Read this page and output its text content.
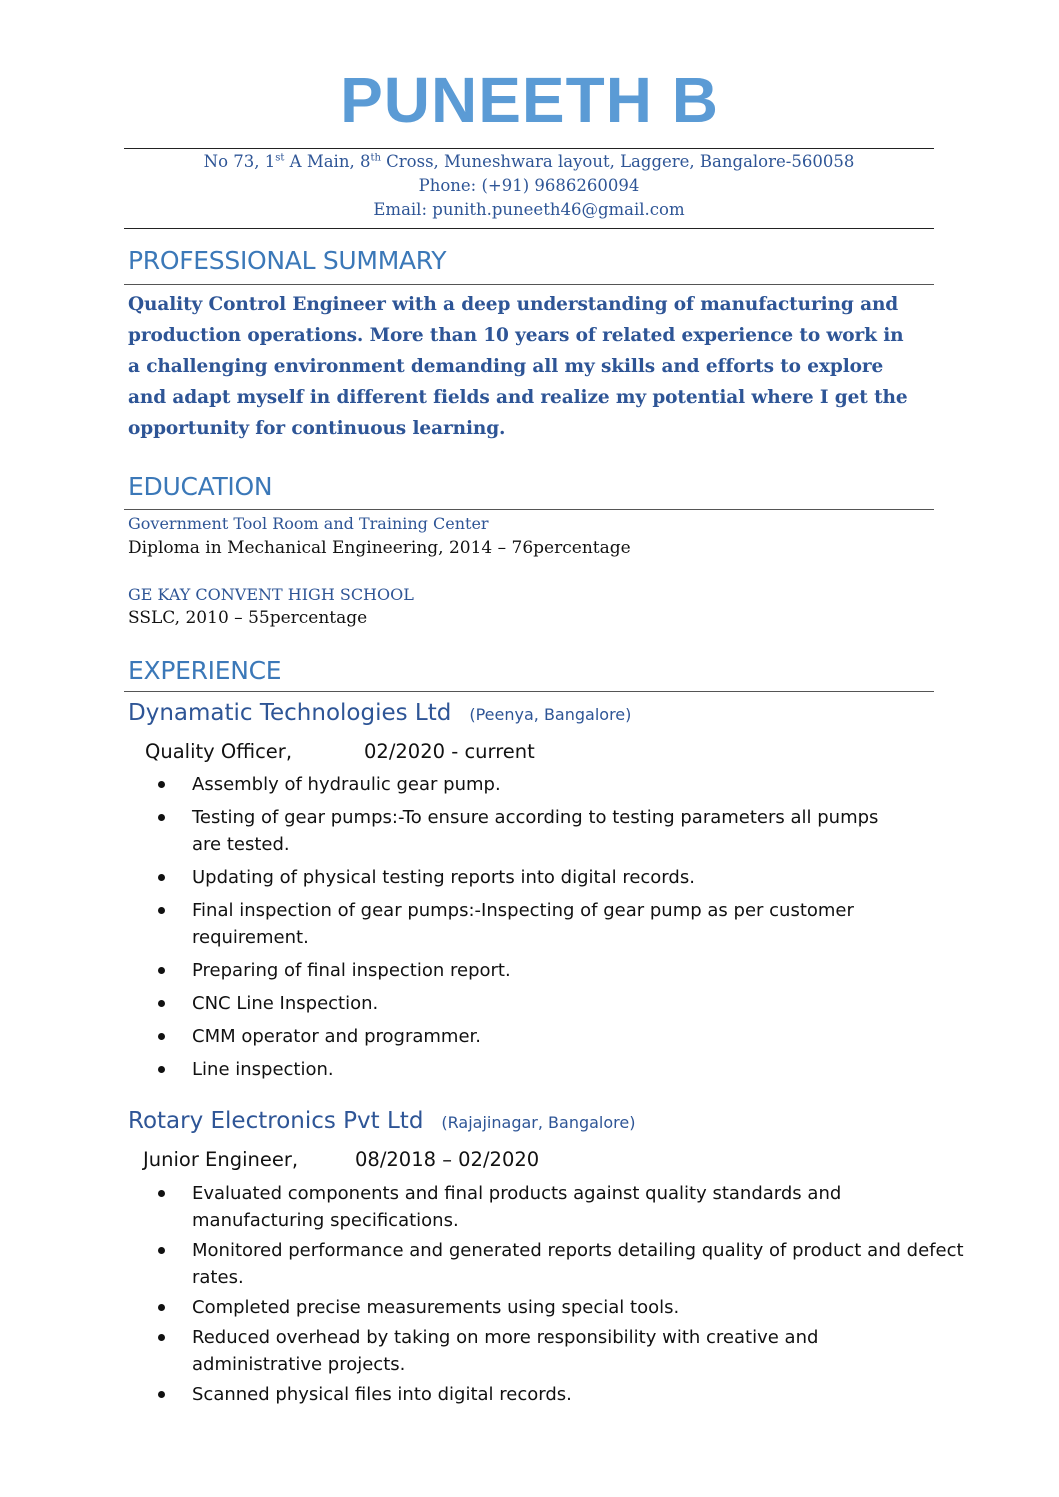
PUNEETH B
No 73, 1st A Main, 8th Cross, Muneshwara layout, Laggere, Bangalore-560058
Phone: (+91) 9686260094
Email: punith.puneeth46@gmail.com
PROFESSIONAL SUMMARY
Quality Control Engineer with a deep understanding of manufacturing and
production operations. More than 10 years of related experience to work in
a challenging environment demanding all my skills and efforts to explore
and adapt myself in different fields and realize my potential where I get the
opportunity for continuous learning.
EDUCATION
Government Tool Room and Training Center
Diploma in Mechanical Engineering, 2014 – 76percentage
GE KAY CONVENT HIGH SCHOOL
SSLC, 2010 – 55percentage
EXPERIENCE
Dynamatic Technologies Ltd (Peenya, Bangalore)
Quality Officer,	02/2020 - current
Assembly of hydraulic gear pump.
Testing of gear pumps:-To ensure according to testing parameters all pumps are tested.
Updating of physical testing reports into digital records.
Final inspection of gear pumps:-Inspecting of gear pump as per customer requirement.
Preparing of final inspection report.
CNC Line Inspection.
CMM operator and programmer.
Line inspection.
Rotary Electronics Pvt Ltd (Rajajinagar, Bangalore)
Junior Engineer,	08/2018 – 02/2020
Evaluated components and final products against quality standards and manufacturing specifications.
Monitored performance and generated reports detailing quality of product and defect rates.
Completed precise measurements using special tools.
Reduced overhead by taking on more responsibility with creative and administrative projects.
Scanned physical files into digital records.
